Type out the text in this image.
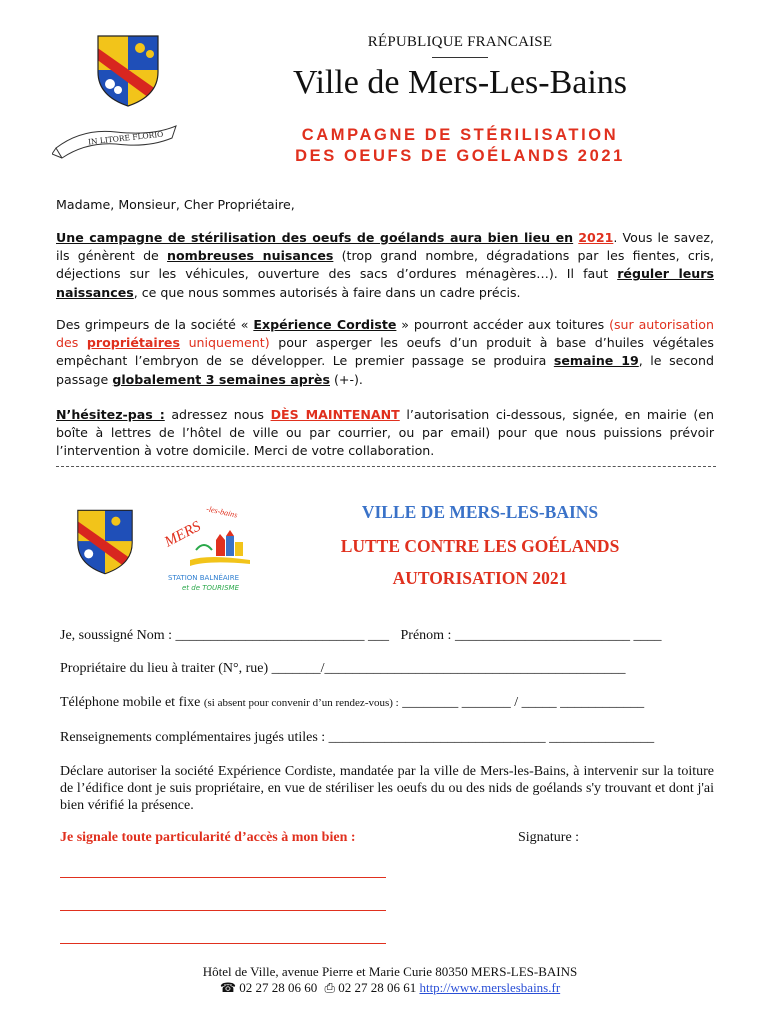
RÉPUBLIQUE FRANCAISE
Ville de Mers-Les-Bains
IN LITORE FLORIO	CAMPAGNE DE STÉRILISATION
DES OEUFS DE GOÉLANDS 2021
Madame, Monsieur, Cher Propriétaire,
Une campagne de stérilisation des oeufs de goélands aura bien lieu en 2021. Vous le savez, ils génèrent de nombreuses nuisances (trop grand nombre, dégradations par les fientes, cris, déjections sur les véhicules, ouverture des sacs d’ordures ménagères…). Il faut réguler leurs naissances, ce que nous sommes autorisés à faire dans un cadre précis.
Des grimpeurs de la société « Expérience Cordiste » pourront accéder aux toitures (sur autorisation des propriétaires uniquement) pour asperger les oeufs d’un produit à base d’huiles végétales empêchant l’embryon de se développer. Le premier passage se produira semaine 19, le second passage globalement 3 semaines après (+-).
N’hésitez-pas : adressez nous DÈS MAINTENANT l’autorisation ci-dessous, signée, en mairie (en boîte à lettres de l’hôtel de ville ou par courrier, ou par email) pour que nous puissions prévoir l’intervention à votre domicile. Merci de votre collaboration.
MERS
-les-bains
STATION BALNÉAIRE
et de TOURISME
VILLE DE MERS-LES-BAINS
LUTTE CONTRE LES GOÉLANDS
AUTORISATION 2021
Je, soussigné Nom : ___________________________ ___ Prénom : _________________________ ____
Propriétaire du lieu à traiter (N°, rue) _______/___________________________________________
Téléphone mobile et fixe (si absent pour convenir d’un rendez-vous) : ________ _______ / _____ ____________
Renseignements complémentaires jugés utiles : _______________________________ _______________
Déclare autoriser la société Expérience Cordiste, mandatée par la ville de Mers-les-Bains, à intervenir sur la toiture de l’édifice dont je suis propriétaire, en vue de stériliser les oeufs du ou des nids de goélands s'y trouvant et dont j'ai bien vérifié la présence.
Je signale toute particularité d’accès à mon bien :	Signature :
Hôtel de Ville, avenue Pierre et Marie Curie 80350 MERS-LES-BAINS
☎ 02 27 28 06 60 ⎙ 02 27 28 06 61 http://www.merslesbains.fr
